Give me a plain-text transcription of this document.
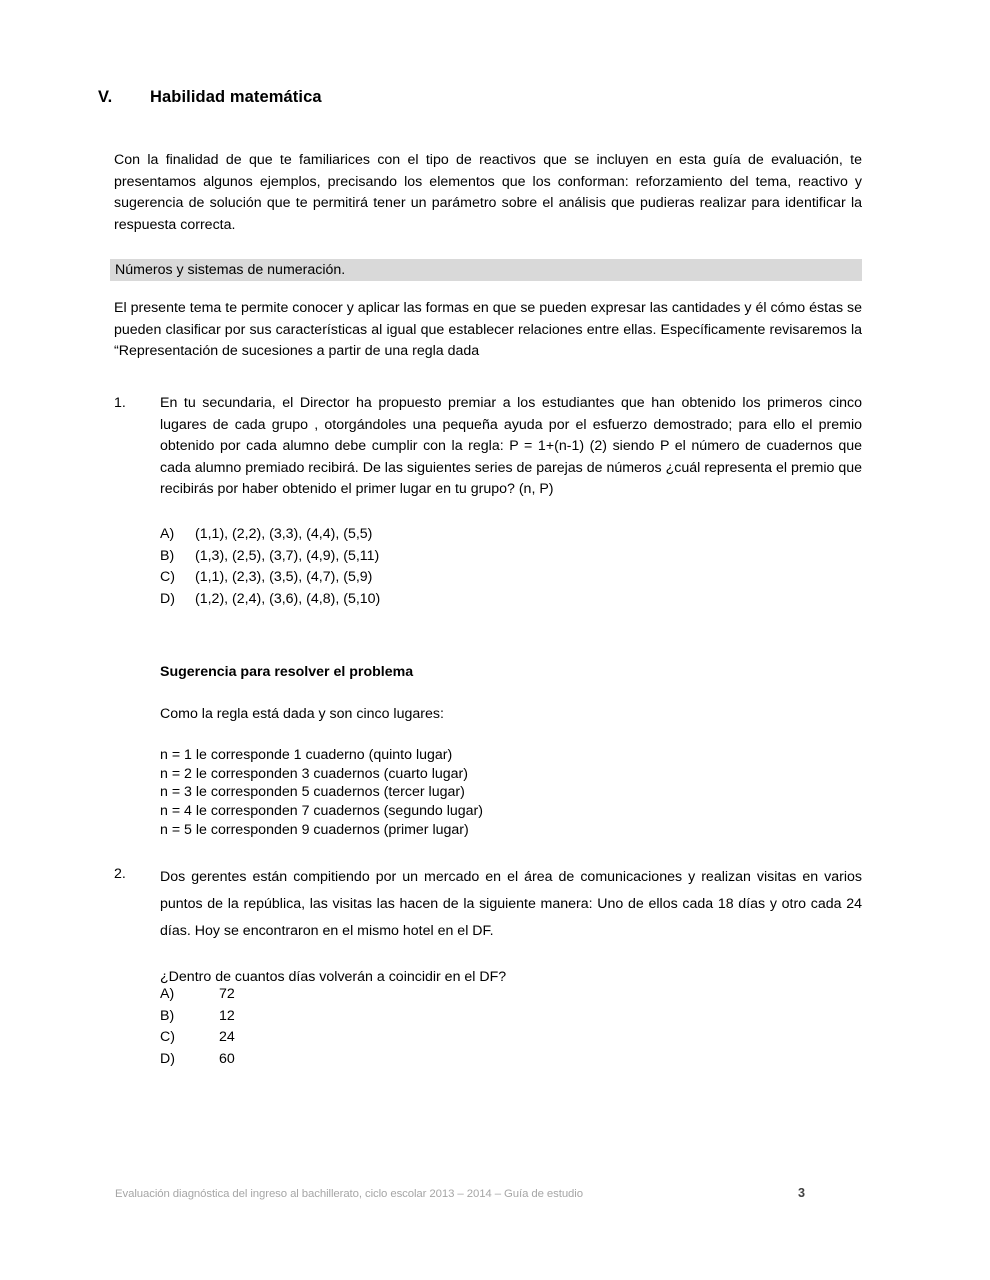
V. Habilidad matemática
Con la finalidad de que te familiarices con el tipo de reactivos que se incluyen en esta guía de evaluación, te presentamos algunos ejemplos, precisando los elementos que los conforman: reforzamiento del tema, reactivo y sugerencia de solución que te permitirá tener un parámetro sobre el análisis que pudieras realizar para identificar la respuesta correcta.
Números y sistemas de numeración.
El presente tema te permite conocer y aplicar las formas en que se pueden expresar las cantidades y él cómo éstas se pueden clasificar por sus características al igual que establecer relaciones entre ellas. Específicamente revisaremos la “Representación de sucesiones a partir de una regla dada
1.	En tu secundaria, el Director ha propuesto premiar a los estudiantes que han obtenido los primeros cinco lugares de cada grupo , otorgándoles una pequeña ayuda por el esfuerzo demostrado; para ello el premio obtenido por cada alumno debe cumplir con la regla: P = 1+(n-1) (2) siendo P el número de cuadernos que cada alumno premiado recibirá. De las siguientes series de parejas de números ¿cuál representa el premio que recibirás por haber obtenido el primer lugar en tu grupo? (n, P)
A)	(1,1), (2,2), (3,3), (4,4), (5,5)
B)	(1,3), (2,5), (3,7), (4,9), (5,11)
C)	(1,1), (2,3), (3,5), (4,7), (5,9)
D)	(1,2), (2,4), (3,6), (4,8), (5,10)
Sugerencia para resolver el problema
Como la regla está dada y son cinco lugares:
n = 1 le corresponde 1 cuaderno (quinto lugar)
n = 2 le corresponden 3 cuadernos (cuarto lugar)
n = 3 le corresponden 5 cuadernos (tercer lugar)
n = 4 le corresponden 7 cuadernos (segundo lugar)
n = 5 le corresponden 9 cuadernos (primer lugar)
2.	Dos gerentes están compitiendo por un mercado en el área de comunicaciones y realizan visitas en varios puntos de la república, las visitas las hacen de la siguiente manera: Uno de ellos cada 18 días y otro cada 24 días. Hoy se encontraron en el mismo hotel en el DF.
¿Dentro de cuantos días volverán a coincidir en el DF?
A)	72
B)	12
C)	24
D)	60
Evaluación diagnóstica del ingreso al bachillerato, ciclo escolar 2013 – 2014 – Guía de estudio	3
